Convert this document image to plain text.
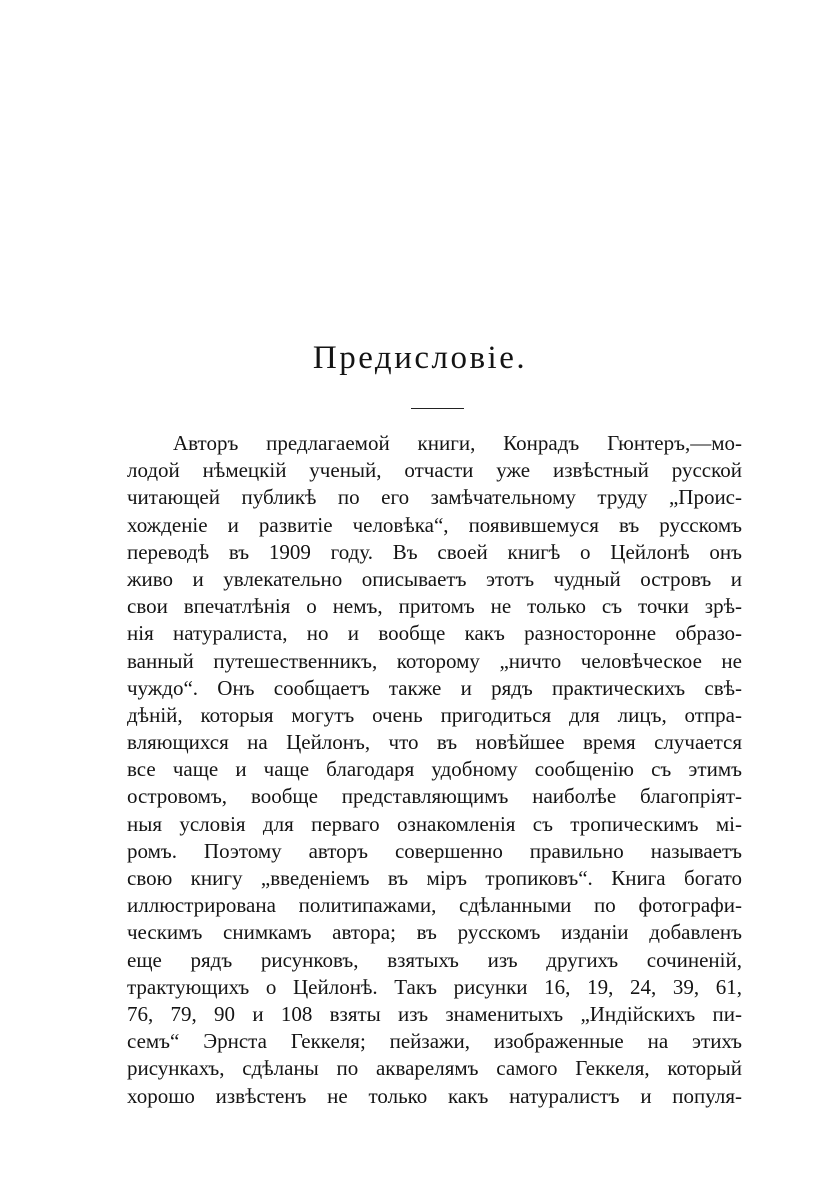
Предисловіе.
Авторъ предлагаемой книги, Конрадъ Гюнтеръ,—мо-
лодой нѣмецкій ученый, отчасти уже извѣстный русской
читающей публикѣ по его замѣчательному труду „Проис-
хожденіе и развитіе человѣка“, появившемуся въ русскомъ
переводѣ въ 1909 году. Въ своей книгѣ о Цейлонѣ онъ
живо и увлекательно описываетъ этотъ чудный островъ и
свои впечатлѣнія о немъ, притомъ не только съ точки зрѣ-
нія натуралиста, но и вообще какъ разносторонне образо-
ванный путешественникъ, которому „ничто человѣческое не
чуждо“. Онъ сообщаетъ также и рядъ практическихъ свѣ-
дѣній, которыя могутъ очень пригодиться для лицъ, отпра-
вляющихся на Цейлонъ, что въ новѣйшее время случается
все чаще и чаще благодаря удобному сообщенію съ этимъ
островомъ, вообще представляющимъ наиболѣе благопріят-
ныя условія для перваго ознакомленія съ тропическимъ мі-
ромъ. Поэтому авторъ совершенно правильно называетъ
свою книгу „введеніемъ въ міръ тропиковъ“. Книга богато
иллюстрирована политипажами, сдѣланными по фотографи-
ческимъ снимкамъ автора; въ русскомъ изданіи добавленъ
еще рядъ рисунковъ, взятыхъ изъ другихъ сочиненій,
трактующихъ о Цейлонѣ. Такъ рисунки 16, 19, 24, 39, 61,
76, 79, 90 и 108 взяты изъ знаменитыхъ „Индійскихъ пи-
семъ“ Эрнста Геккеля; пейзажи, изображенные на этихъ
рисункахъ, сдѣланы по акварелямъ самого Геккеля, который
хорошо извѣстенъ не только какъ натуралистъ и популя-
